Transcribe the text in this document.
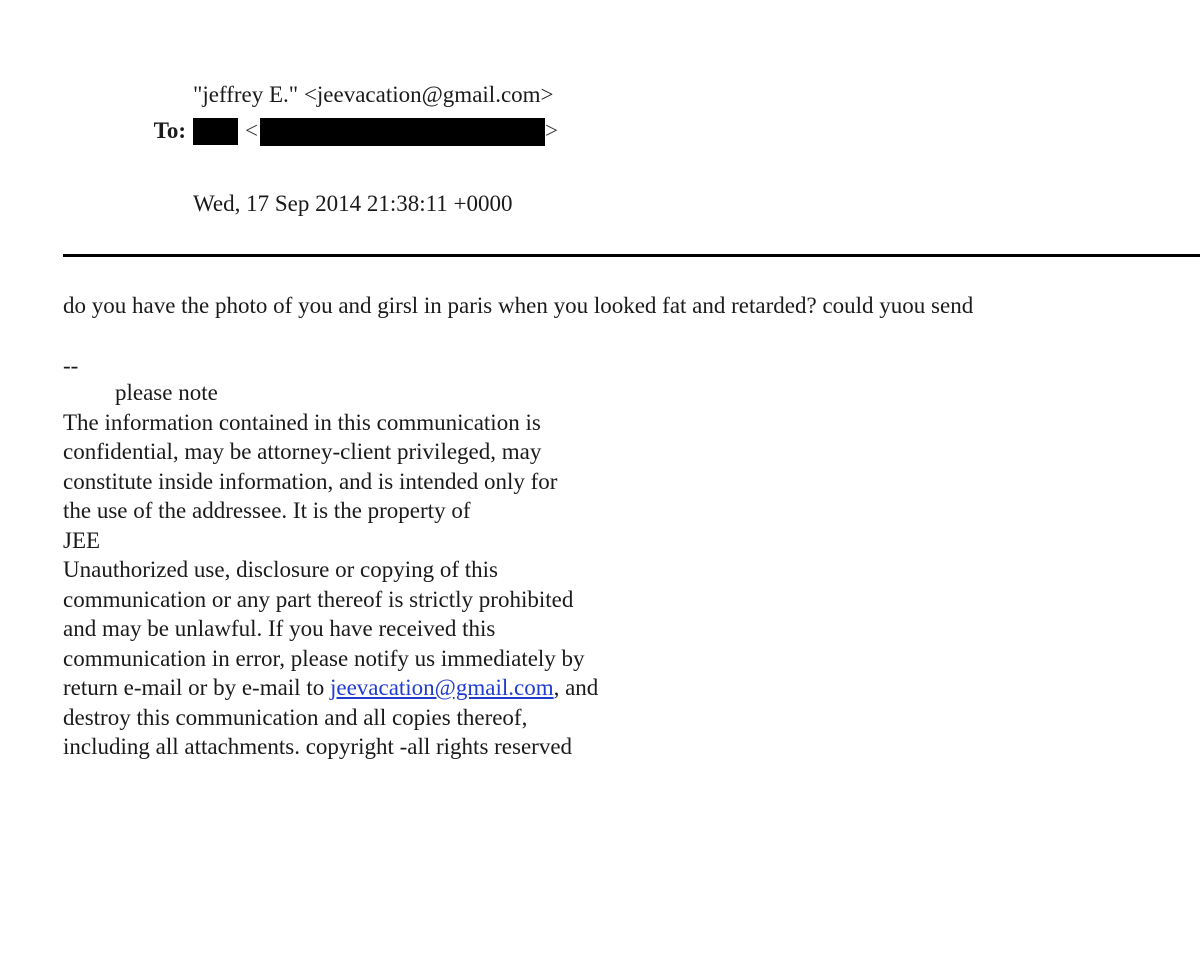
"jeffrey E." <jeevacation@gmail.com>
To:	<	>
Wed, 17 Sep 2014 21:38:11 +0000
do you have the photo of you and girsl in paris when you looked fat and retarded? could yuou send
--
please note
The information contained in this communication is
confidential, may be attorney-client privileged, may
constitute inside information, and is intended only for
the use of the addressee. It is the property of
JEE
Unauthorized use, disclosure or copying of this
communication or any part thereof is strictly prohibited
and may be unlawful. If you have received this
communication in error, please notify us immediately by
return e-mail or by e-mail to jeevacation@gmail.com, and
destroy this communication and all copies thereof,
including all attachments. copyright -all rights reserved
